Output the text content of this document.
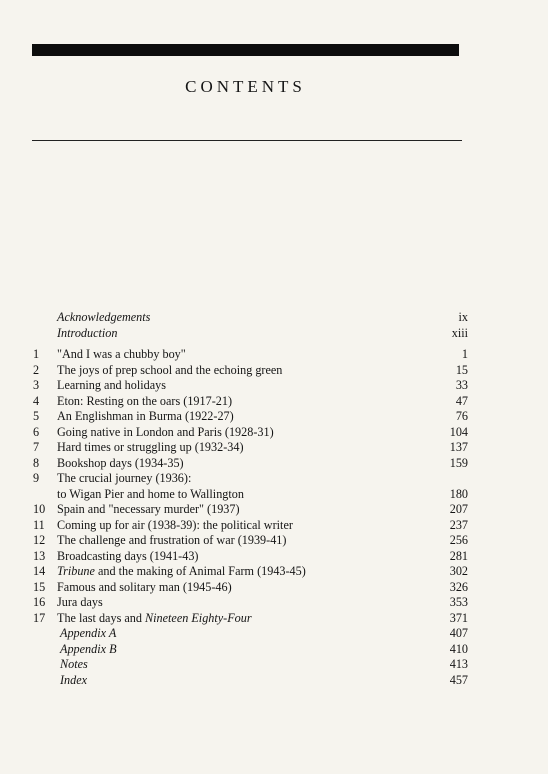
CONTENTS
Acknowledgements	ix
Introduction	xiii
1	"And I was a chubby boy"	1
2	The joys of prep school and the echoing green	15
3	Learning and holidays	33
4	Eton: Resting on the oars (1917-21)	47
5	An Englishman in Burma (1922-27)	76
6	Going native in London and Paris (1928-31)	104
7	Hard times or struggling up (1932-34)	137
8	Bookshop days (1934-35)	159
9	The crucial journey (1936):
to Wigan Pier and home to Wallington	180
10 Spain and "necessary murder" (1937)	207
11	Coming up for air (1938-39): the political writer	237
12 The challenge and frustration of war (1939-41)	256
13 Broadcasting days (1941-43)	281
14 Tribune and the making of Animal Farm (1943-45)	302
15 Famous and solitary man (1945-46)	326
16 Jura days	353
17 The last days and Nineteen Eighty-Four	371
Appendix A	407
Appendix B	410
Notes	413
Index	457
